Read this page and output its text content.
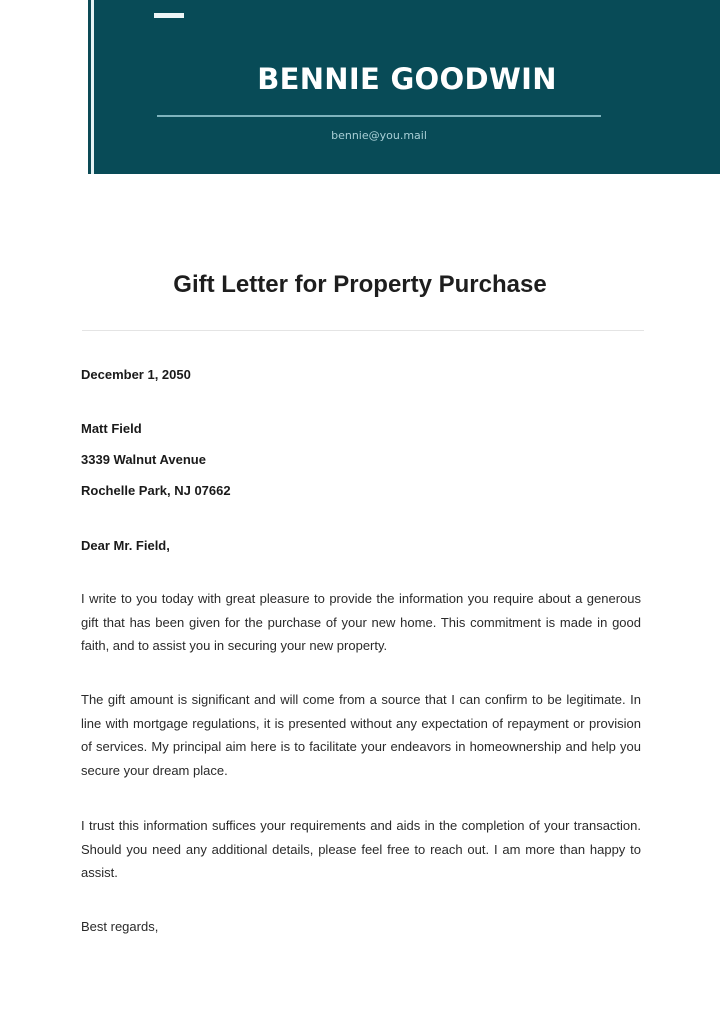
BENNIE GOODWIN
bennie@you.mail
Gift Letter for Property Purchase
December 1, 2050
Matt Field
3339 Walnut Avenue
Rochelle Park, NJ 07662
Dear Mr. Field,
I write to you today with great pleasure to provide the information you require about a generous gift that has been given for the purchase of your new home. This commitment is made in good faith, and to assist you in securing your new property.
The gift amount is significant and will come from a source that I can confirm to be legitimate. In line with mortgage regulations, it is presented without any expectation of repayment or provision of services. My principal aim here is to facilitate your endeavors in homeownership and help you secure your dream place.
I trust this information suffices your requirements and aids in the completion of your transaction. Should you need any additional details, please feel free to reach out. I am more than happy to assist.
Best regards,
